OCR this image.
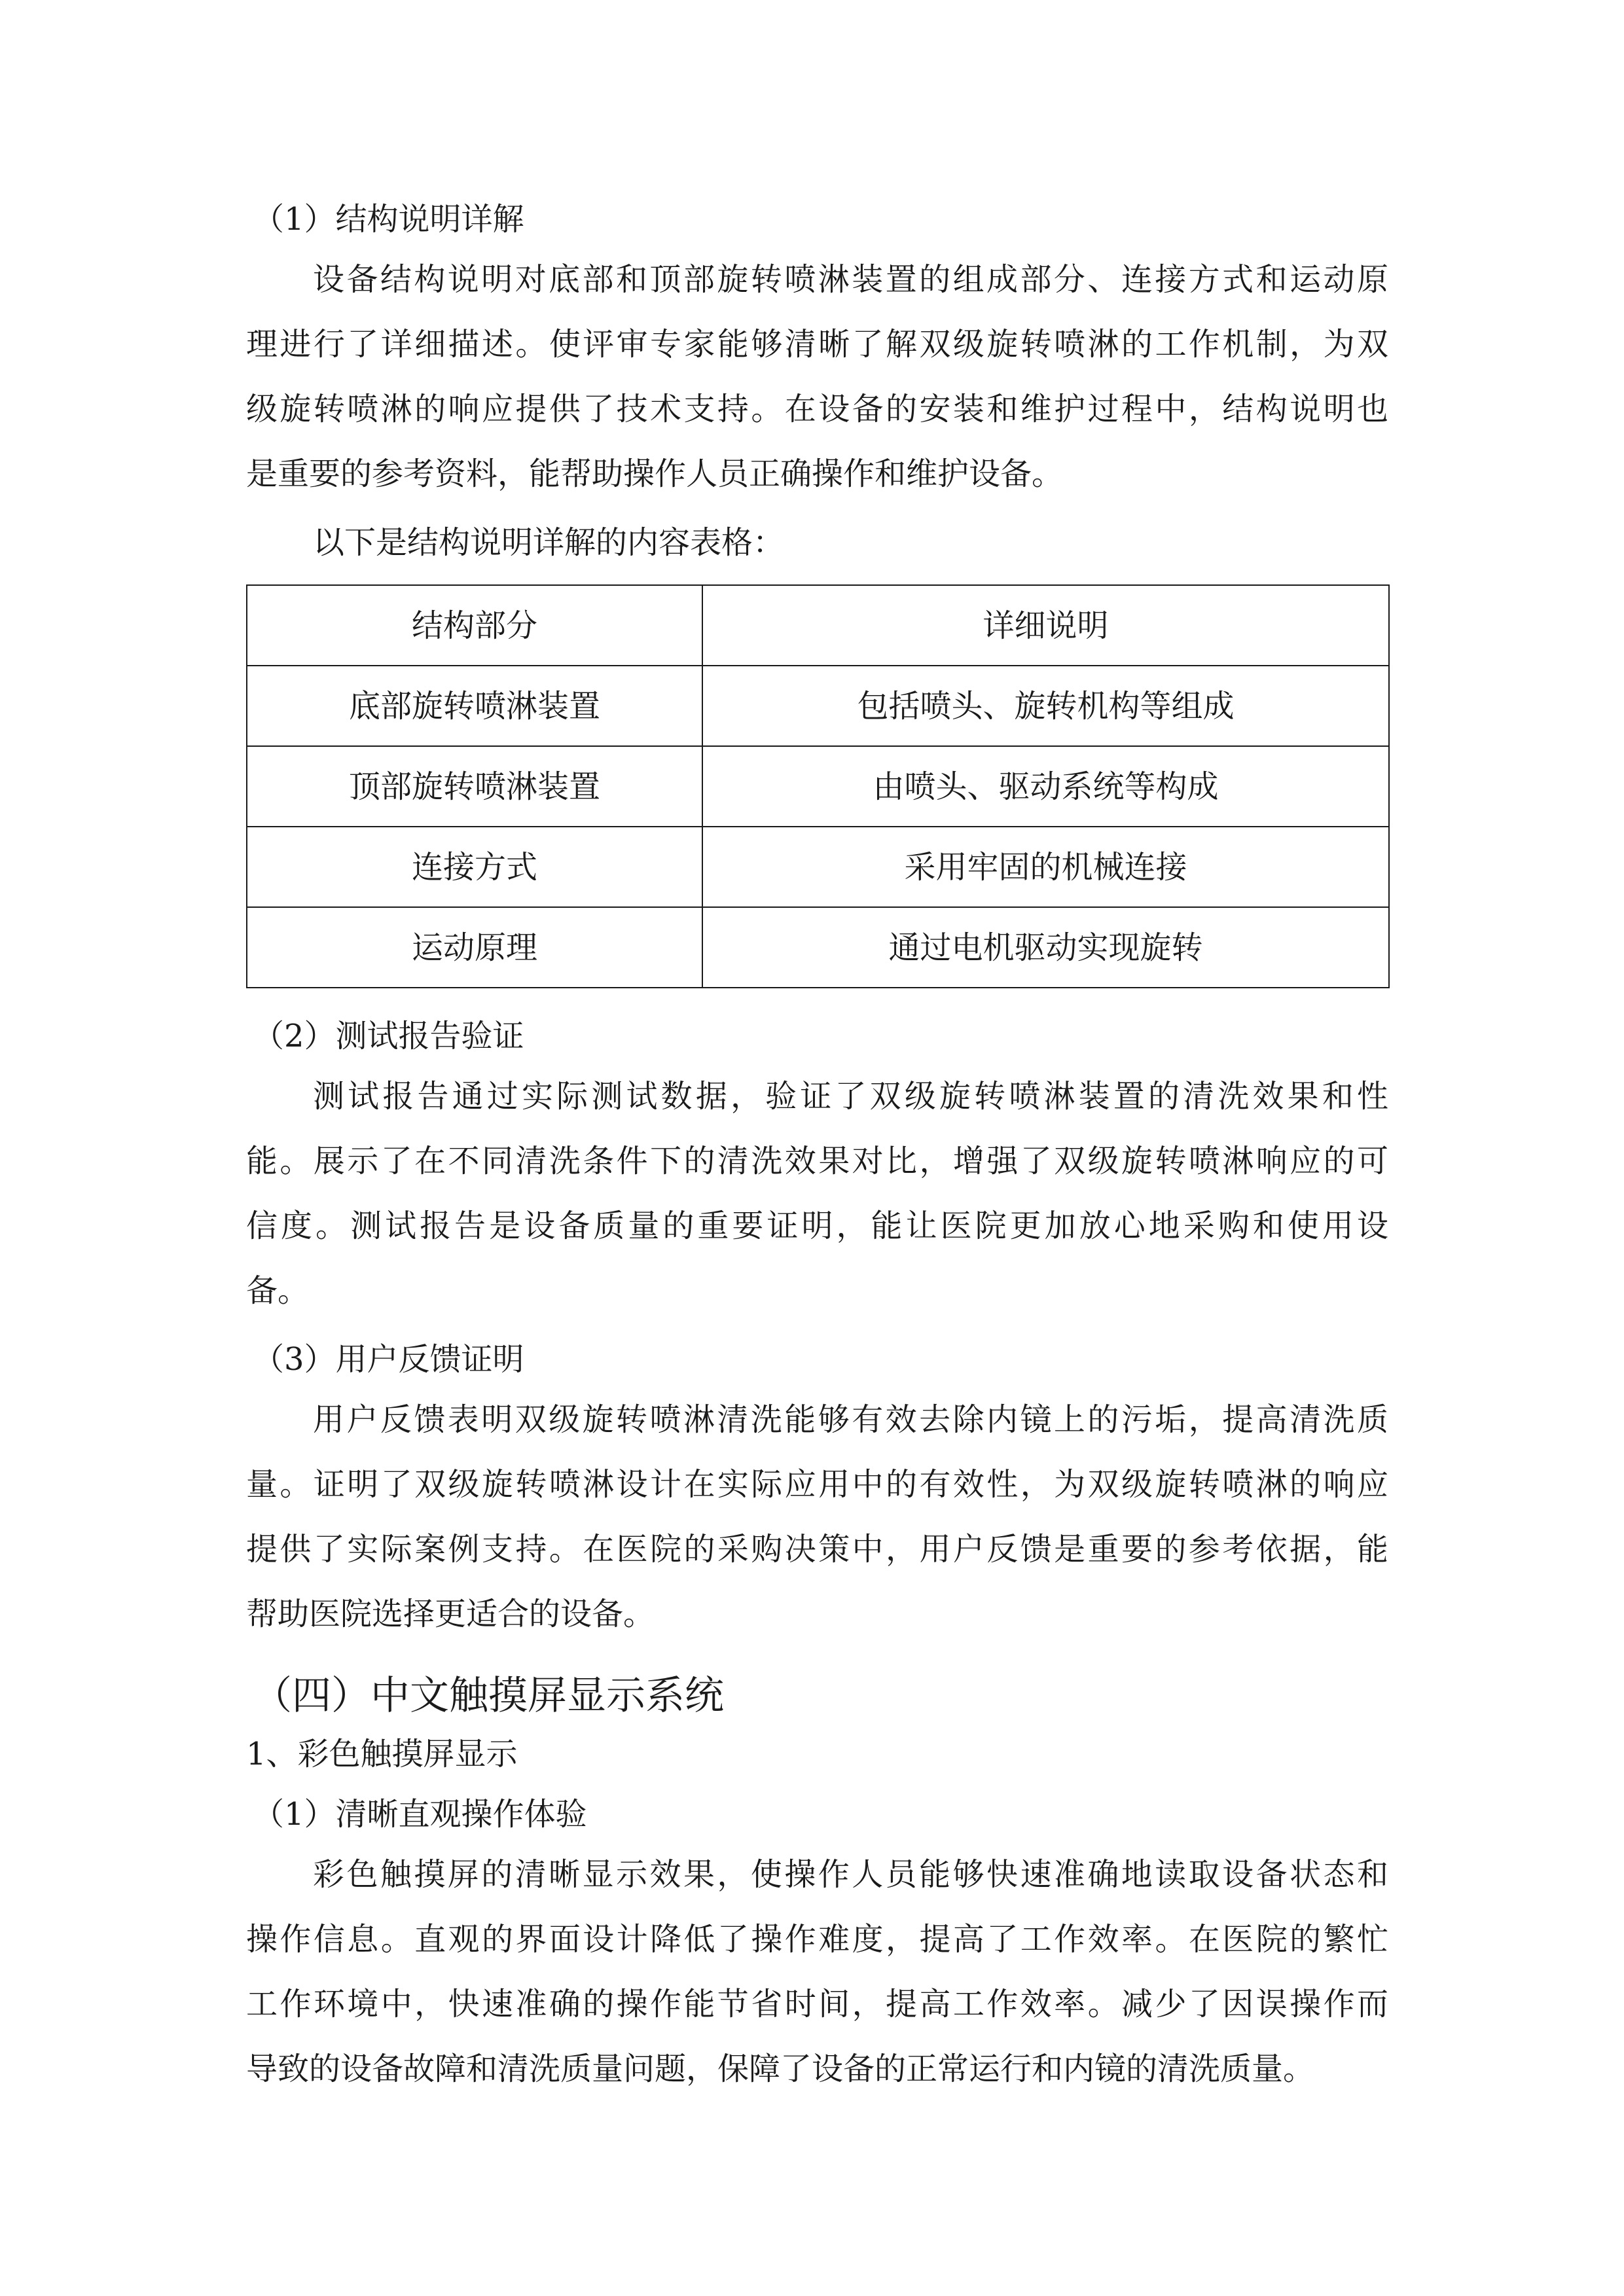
（1）结构说明详解

设备结构说明对底部和顶部旋转喷淋装置的组成部分、连接方式和运动原

理进行了详细描述。使评审专家能够清晰了解双级旋转喷淋的工作机制，为双

级旋转喷淋的响应提供了技术支持。在设备的安装和维护过程中，结构说明也

是重要的参考资料，能帮助操作人员正确操作和维护设备。

以下是结构说明详解的内容表格：

结构部分	详细说明
底部旋转喷淋装置	包括喷头、旋转机构等组成
顶部旋转喷淋装置	由喷头、驱动系统等构成
连接方式	采用牢固的机械连接
运动原理	通过电机驱动实现旋转

（2）测试报告验证

测试报告通过实际测试数据，验证了双级旋转喷淋装置的清洗效果和性

能。展示了在不同清洗条件下的清洗效果对比，增强了双级旋转喷淋响应的可

信度。测试报告是设备质量的重要证明，能让医院更加放心地采购和使用设

备。

（3）用户反馈证明

用户反馈表明双级旋转喷淋清洗能够有效去除内镜上的污垢，提高清洗质

量。证明了双级旋转喷淋设计在实际应用中的有效性，为双级旋转喷淋的响应

提供了实际案例支持。在医院的采购决策中，用户反馈是重要的参考依据，能

帮助医院选择更适合的设备。

（四）中文触摸屏显示系统

1、彩色触摸屏显示

（1）清晰直观操作体验

彩色触摸屏的清晰显示效果，使操作人员能够快速准确地读取设备状态和

操作信息。直观的界面设计降低了操作难度，提高了工作效率。在医院的繁忙

工作环境中，快速准确的操作能节省时间，提高工作效率。减少了因误操作而

导致的设备故障和清洗质量问题，保障了设备的正常运行和内镜的清洗质量。
